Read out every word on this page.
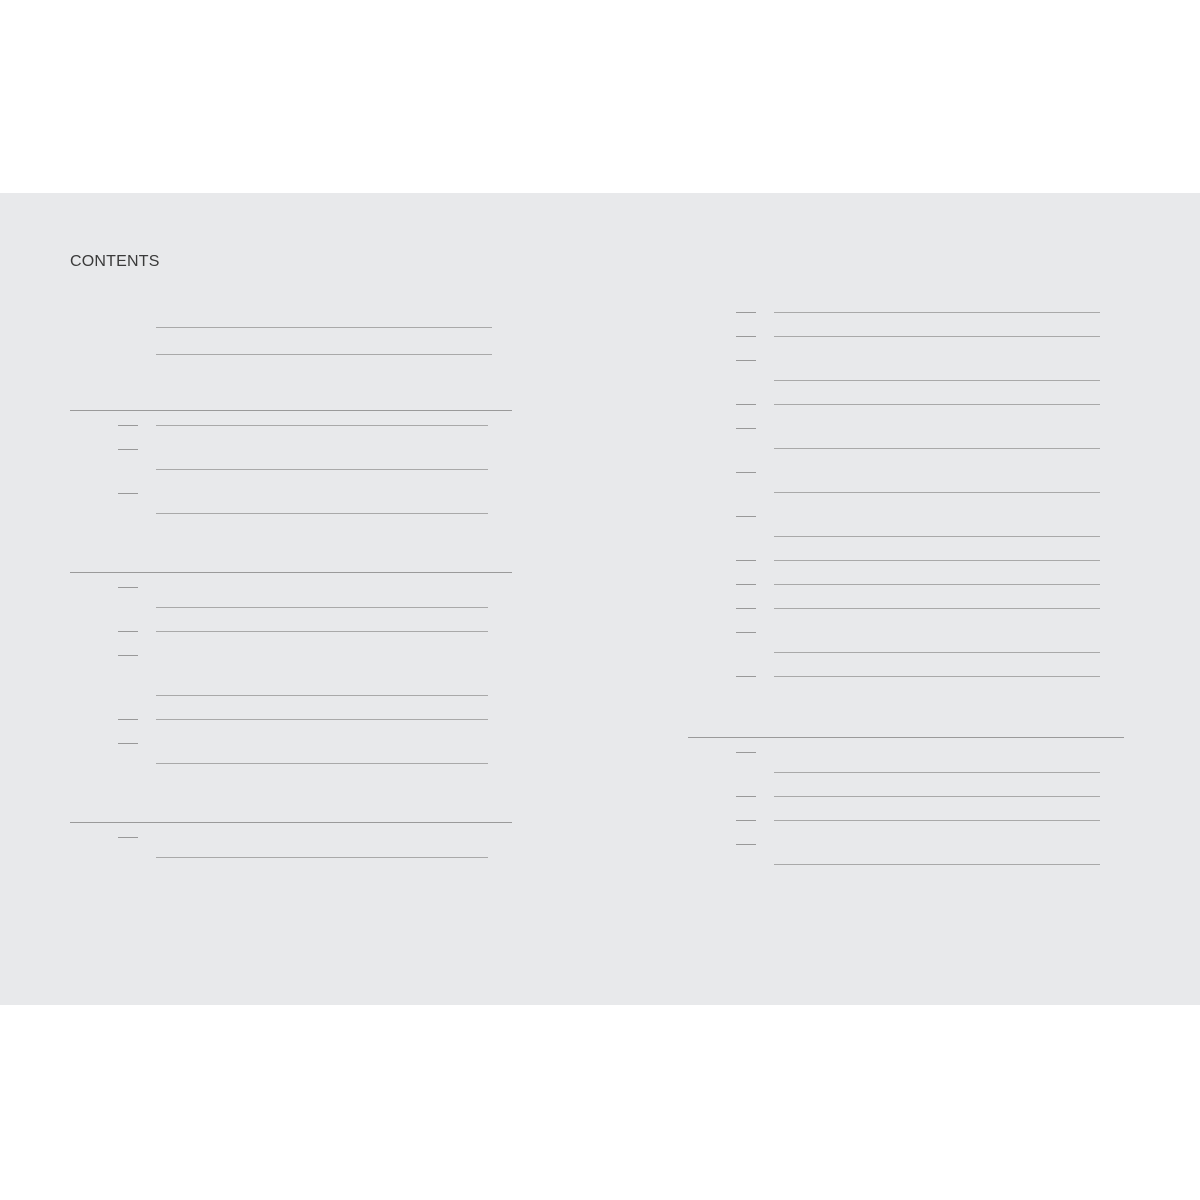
CONTENTS
